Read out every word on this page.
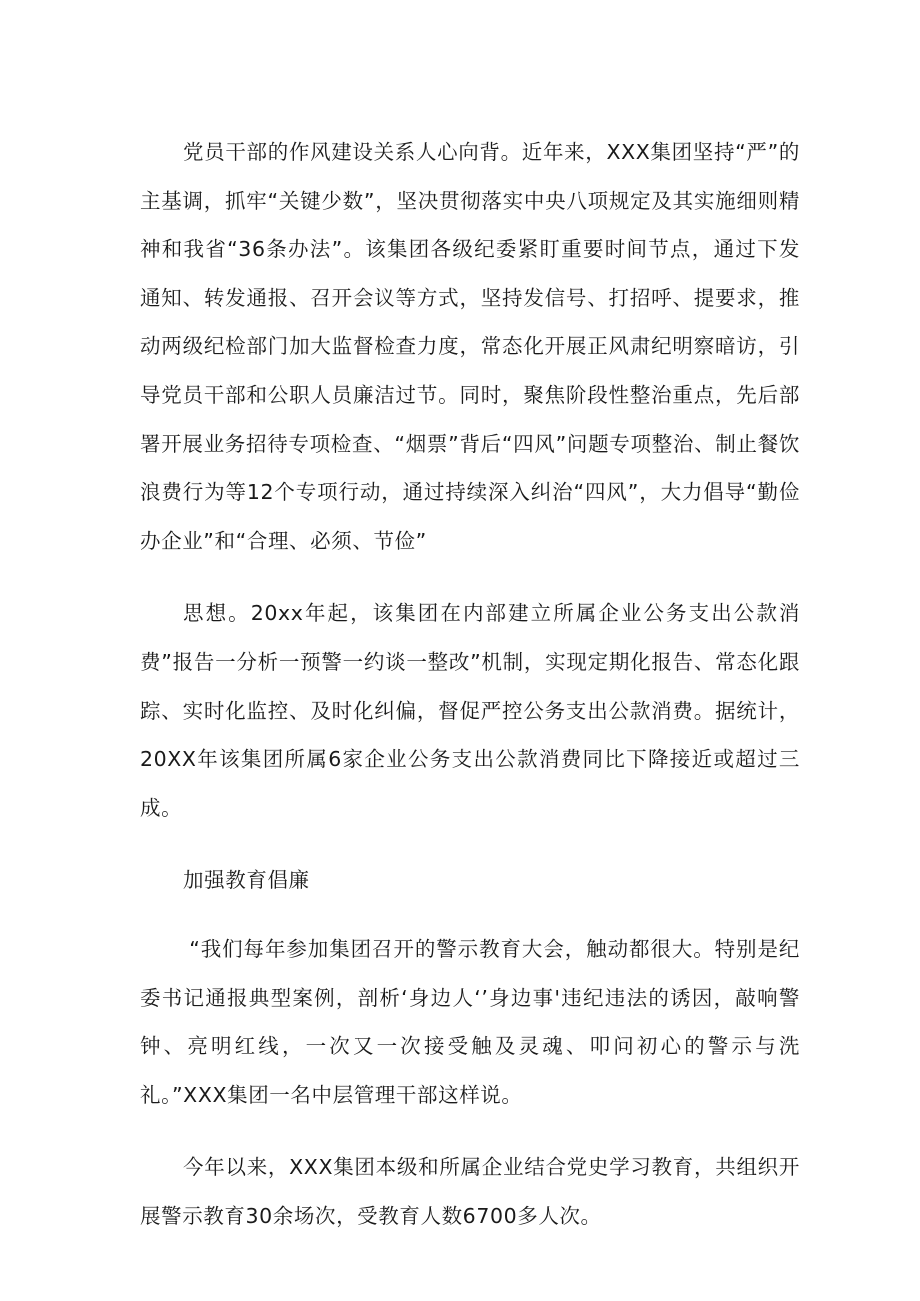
党员干部的作风建设关系人心向背。近年来，XXX集团坚持“严”的主基调，抓牢“关键少数”，坚决贯彻落实中央八项规定及其实施细则精神和我省“36条办法”。该集团各级纪委紧盯重要时间节点，通过下发通知、转发通报、召开会议等方式，坚持发信号、打招呼、提要求，推动两级纪检部门加大监督检查力度，常态化开展正风肃纪明察暗访，引导党员干部和公职人员廉洁过节。同时，聚焦阶段性整治重点，先后部署开展业务招待专项检查、“烟票”背后“四风”问题专项整治、制止餐饮浪费行为等12个专项行动，通过持续深入纠治“四风”，大力倡导“勤俭办企业”和“合理、必须、节俭”

思想。20xx年起，该集团在内部建立所属企业公务支出公款消费”报告一分析一预警一约谈一整改”机制，实现定期化报告、常态化跟踪、实时化监控、及时化纠偏，督促严控公务支出公款消费。据统计，20XX年该集团所属6家企业公务支出公款消费同比下降接近或超过三成。

加强教育倡廉

“我们每年参加集团召开的警示教育大会，触动都很大。特别是纪委书记通报典型案例，剖析‘身边人‘’身边事'违纪违法的诱因，敲响警钟、亮明红线，一次又一次接受触及灵魂、叩问初心的警示与洗礼。”XXX集团一名中层管理干部这样说。

今年以来，XXX集团本级和所属企业结合党史学习教育，共组织开展警示教育30余场次，受教育人数6700多人次。
